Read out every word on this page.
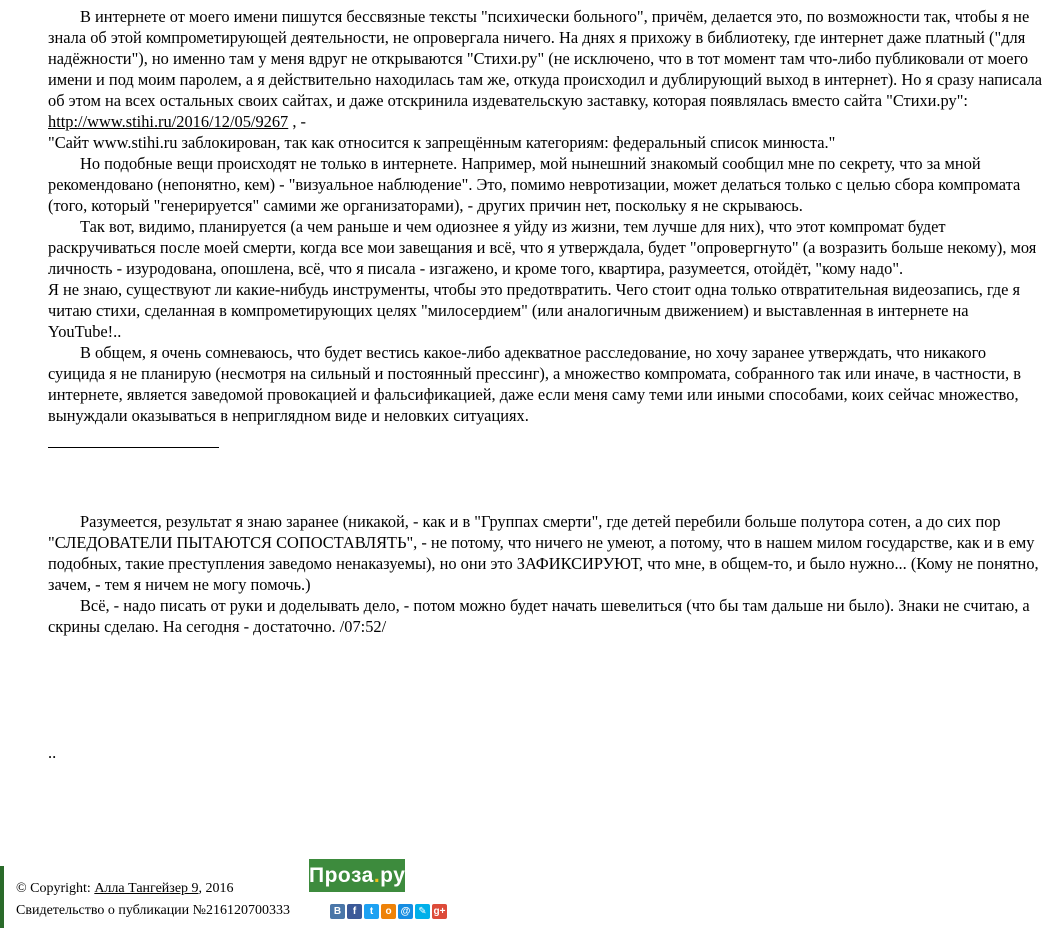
В интернете от моего имени пишутся бессвязные тексты "психически больного", причём, делается это, по возможности так, чтобы я не знала об этой компрометирующей деятельности, не опровергала ничего. На днях я прихожу в библиотеку, где интернет даже платный ("для надёжности"), но именно там у меня вдруг не открываются "Стихи.ру" (не исключено, что в тот момент там что-либо публиковали от моего имени и под моим паролем, а я действительно находилась там же, откуда происходил и дублирующий выход в интернет). Но я сразу написала об этом на всех остальных своих сайтах, и даже отскринила издевательскую заставку, которая появлялась вместо сайта "Стихи.ру":

http://www.stihi.ru/2016/12/05/9267 , -

"Сайт www.stihi.ru заблокирован, так как относится к запрещённым категориям: федеральный список минюста."

Но подобные вещи происходят не только в интернете. Например, мой нынешний знакомый сообщил мне по секрету, что за мной рекомендовано (непонятно, кем) - "визуальное наблюдение". Это, помимо невротизации, может делаться только с целью сбора компромата (того, который "генерируется" самими же организаторами), - других причин нет, поскольку я не скрываюсь.

Так вот, видимо, планируется (а чем раньше и чем одиознее я уйду из жизни, тем лучше для них), что этот компромат будет раскручиваться после моей смерти, когда все мои завещания и всё, что я утверждала, будет "опровергнуто" (а возразить больше некому), моя личность - изуродована, опошлена, всё, что я писала - изгажено, и кроме того, квартира, разумеется, отойдёт, "кому надо".

Я не знаю, существуют ли какие-нибудь инструменты, чтобы это предотвратить. Чего стоит одна только отвратительная видеозапись, где я читаю стихи, сделанная в компрометирующих целях "милосердием" (или аналогичным движением) и выставленная в интернете на YouTube!..

В общем, я очень сомневаюсь, что будет вестись какое-либо адекватное расследование, но хочу заранее утверждать, что никакого суицида я не планирую (несмотря на сильный и постоянный прессинг), а множество компромата, собранного так или иначе, в частности, в интернете, является заведомой провокацией и фальсификацией, даже если меня саму теми или иными способами, коих сейчас множество, вынуждали оказываться в неприглядном виде и неловких ситуациях.

Разумеется, результат я знаю заранее (никакой, - как и в "Группах смерти", где детей перебили больше полутора сотен, а до сих пор "СЛЕДОВАТЕЛИ ПЫТАЮТСЯ СОПОСТАВЛЯТЬ", - не потому, что ничего не умеют, а потому, что в нашем милом государстве, как и в ему подобных, такие преступления заведомо ненаказуемы), но они это ЗАФИКСИРУЮТ, что мне, в общем-то, и было нужно... (Кому не понятно, зачем, - тем я ничем не могу помочь.)

Всё, - надо писать от руки и доделывать дело, - потом можно будет начать шевелиться (что бы там дальше ни было). Знаки не считаю, а скрины сделаю. На сегодня - достаточно. /07:52/

..

© Copyright: Алла Тангейзер 9, 2016
Свидетельство о публикации №216120700333
Проза.ру
В	f	t	о @ ✎ g+
